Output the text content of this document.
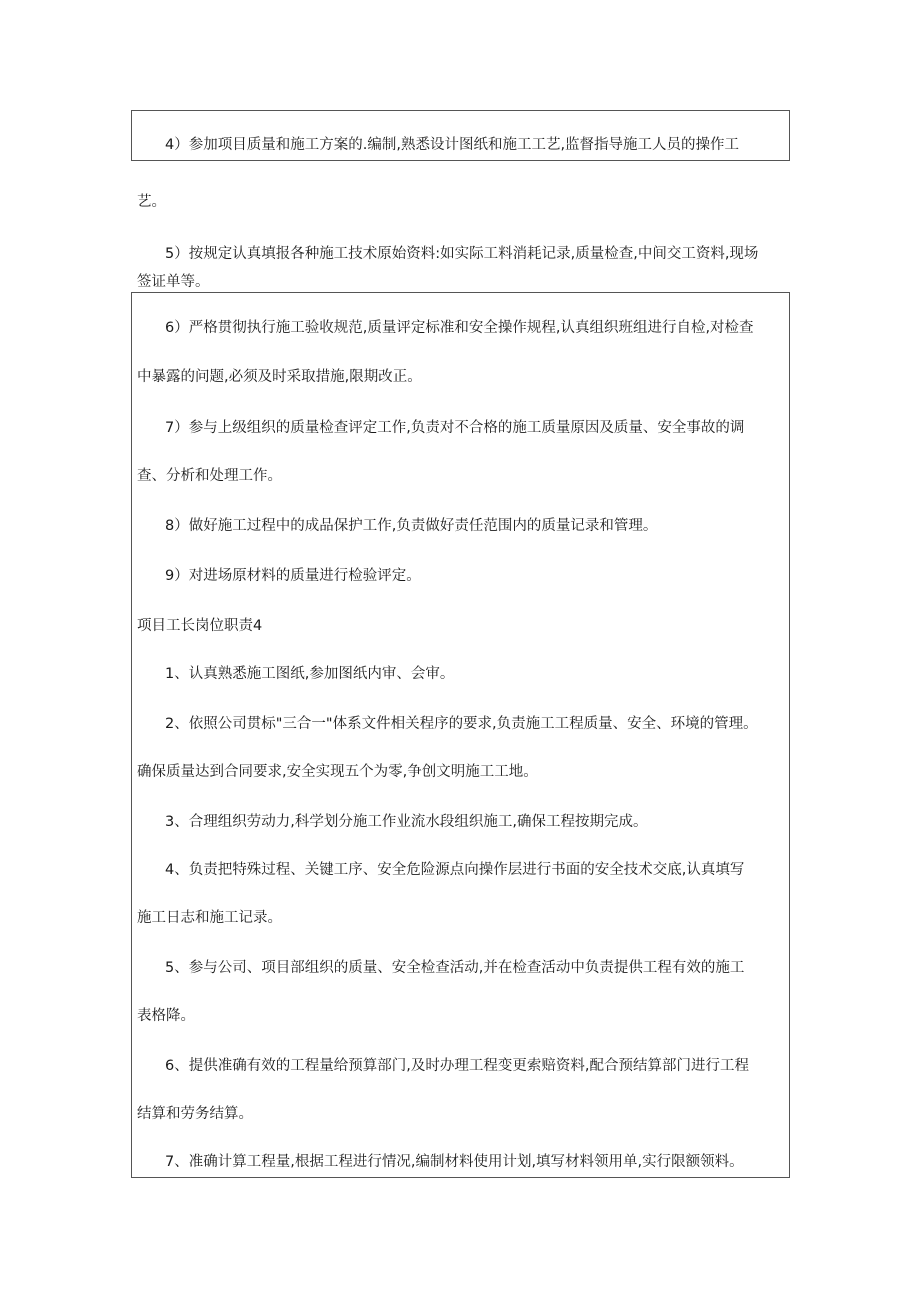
4）参加项目质量和施工方案的.编制,熟悉设计图纸和施工工艺,监督指导施工人员的操作工
艺。
5）按规定认真填报各种施工技术原始资料:如实际工料消耗记录,质量检查,中间交工资料,现场
签证单等。
6）严格贯彻执行施工验收规范,质量评定标准和安全操作规程,认真组织班组进行自检,对检查
中暴露的问题,必须及时采取措施,限期改正。
7）参与上级组织的质量检查评定工作,负责对不合格的施工质量原因及质量、安全事故的调
查、分析和处理工作。
8）做好施工过程中的成品保护工作,负责做好责任范围内的质量记录和管理。
9）对进场原材料的质量进行检验评定。
项目工长岗位职责4
1、认真熟悉施工图纸,参加图纸内审、会审。
2、依照公司贯标"三合一"体系文件相关程序的要求,负责施工工程质量、安全、环境的管理。
确保质量达到合同要求,安全实现五个为零,争创文明施工工地。
3、合理组织劳动力,科学划分施工作业流水段组织施工,确保工程按期完成。
4、负责把特殊过程、关键工序、安全危险源点向操作层进行书面的安全技术交底,认真填写
施工日志和施工记录。
5、参与公司、项目部组织的质量、安全检查活动,并在检查活动中负责提供工程有效的施工
表格降。
6、提供准确有效的工程量给预算部门,及时办理工程变更索赔资料,配合预结算部门进行工程
结算和劳务结算。
7、准确计算工程量,根据工程进行情况,编制材料使用计划,填写材料领用单,实行限额领料。
